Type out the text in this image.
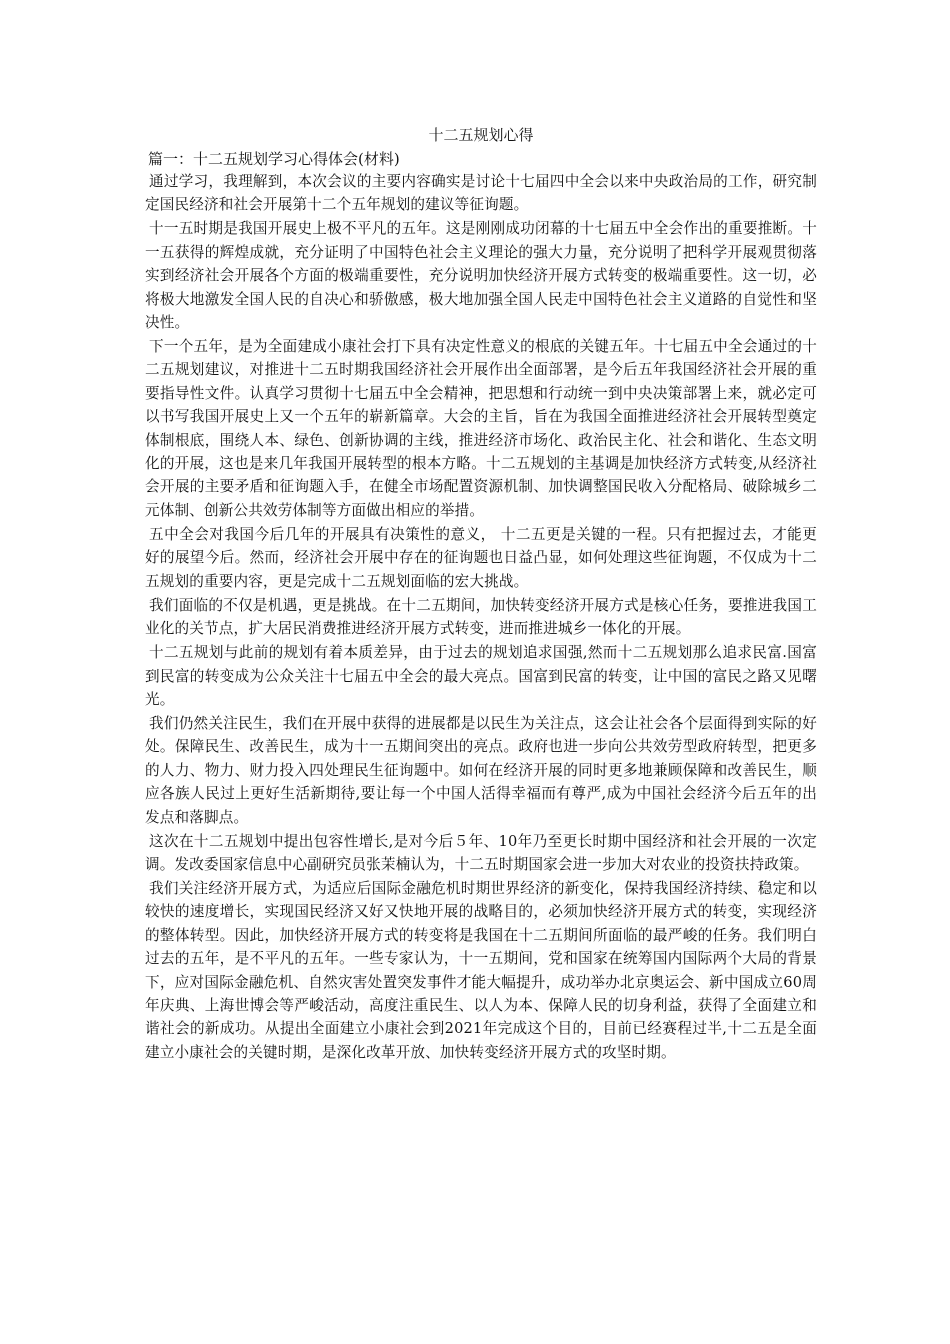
十二五规划心得

篇一：十二五规划学习心得体会(材料)

通过学习，我理解到，本次会议的主要内容确实是讨论十七届四中全会以来中央政治局的工作，研究制定国民经济和社会开展第十二个五年规划的建议等征询题。

十一五时期是我国开展史上极不平凡的五年。这是刚刚成功闭幕的十七届五中全会作出的重要推断。十一五获得的辉煌成就，充分证明了中国特色社会主义理论的强大力量，充分说明了把科学开展观贯彻落实到经济社会开展各个方面的极端重要性，充分说明加快经济开展方式转变的极端重要性。这一切，必将极大地激发全国人民的自决心和骄傲感，极大地加强全国人民走中国特色社会主义道路的自觉性和坚决性。

下一个五年，是为全面建成小康社会打下具有决定性意义的根底的关键五年。十七届五中全会通过的十二五规划建议，对推进十二五时期我国经济社会开展作出全面部署，是今后五年我国经济社会开展的重要指导性文件。认真学习贯彻十七届五中全会精神，把思想和行动统一到中央决策部署上来，就必定可以书写我国开展史上又一个五年的崭新篇章。大会的主旨，旨在为我国全面推进经济社会开展转型奠定体制根底，围绕人本、绿色、创新协调的主线，推进经济市场化、政治民主化、社会和谐化、生态文明化的开展，这也是来几年我国开展转型的根本方略。十二五规划的主基调是加快经济方式转变,从经济社会开展的主要矛盾和征询题入手，在健全市场配置资源机制、加快调整国民收入分配格局、破除城乡二元体制、创新公共效劳体制等方面做出相应的举措。

五中全会对我国今后几年的开展具有决策性的意义， 十二五更是关键的一程。只有把握过去，才能更好的展望今后。然而，经济社会开展中存在的征询题也日益凸显，如何处理这些征询题，不仅成为十二五规划的重要内容，更是完成十二五规划面临的宏大挑战。

我们面临的不仅是机遇，更是挑战。在十二五期间，加快转变经济开展方式是核心任务，要推进我国工业化的关节点，扩大居民消费推进经济开展方式转变，进而推进城乡一体化的开展。

十二五规划与此前的规划有着本质差异，由于过去的规划追求国强,然而十二五规划那么追求民富.国富到民富的转变成为公众关注十七届五中全会的最大亮点。国富到民富的转变，让中国的富民之路又见曙光。

我们仍然关注民生，我们在开展中获得的进展都是以民生为关注点，这会让社会各个层面得到实际的好处。保障民生、改善民生，成为十一五期间突出的亮点。政府也进一步向公共效劳型政府转型，把更多的人力、物力、财力投入四处理民生征询题中。如何在经济开展的同时更多地兼顾保障和改善民生，顺应各族人民过上更好生活新期待,要让每一个中国人活得幸福而有尊严,成为中国社会经济今后五年的出发点和落脚点。

这次在十二五规划中提出包容性增长,是对今后５年、10年乃至更长时期中国经济和社会开展的一次定调。发改委国家信息中心副研究员张茉楠认为，十二五时期国家会进一步加大对农业的投资扶持政策。

我们关注经济开展方式，为适应后国际金融危机时期世界经济的新变化，保持我国经济持续、稳定和以较快的速度增长，实现国民经济又好又快地开展的战略目的，必须加快经济开展方式的转变，实现经济的整体转型。因此，加快经济开展方式的转变将是我国在十二五期间所面临的最严峻的任务。我们明白过去的五年，是不平凡的五年。一些专家认为，十一五期间，党和国家在统筹国内国际两个大局的背景下，应对国际金融危机、自然灾害处置突发事件才能大幅提升，成功举办北京奥运会、新中国成立60周年庆典、上海世博会等严峻活动，高度注重民生、以人为本、保障人民的切身利益，获得了全面建立和谐社会的新成功。从提出全面建立小康社会到2021年完成这个目的，目前已经赛程过半,十二五是全面建立小康社会的关键时期，是深化改革开放、加快转变经济开展方式的攻坚时期。
